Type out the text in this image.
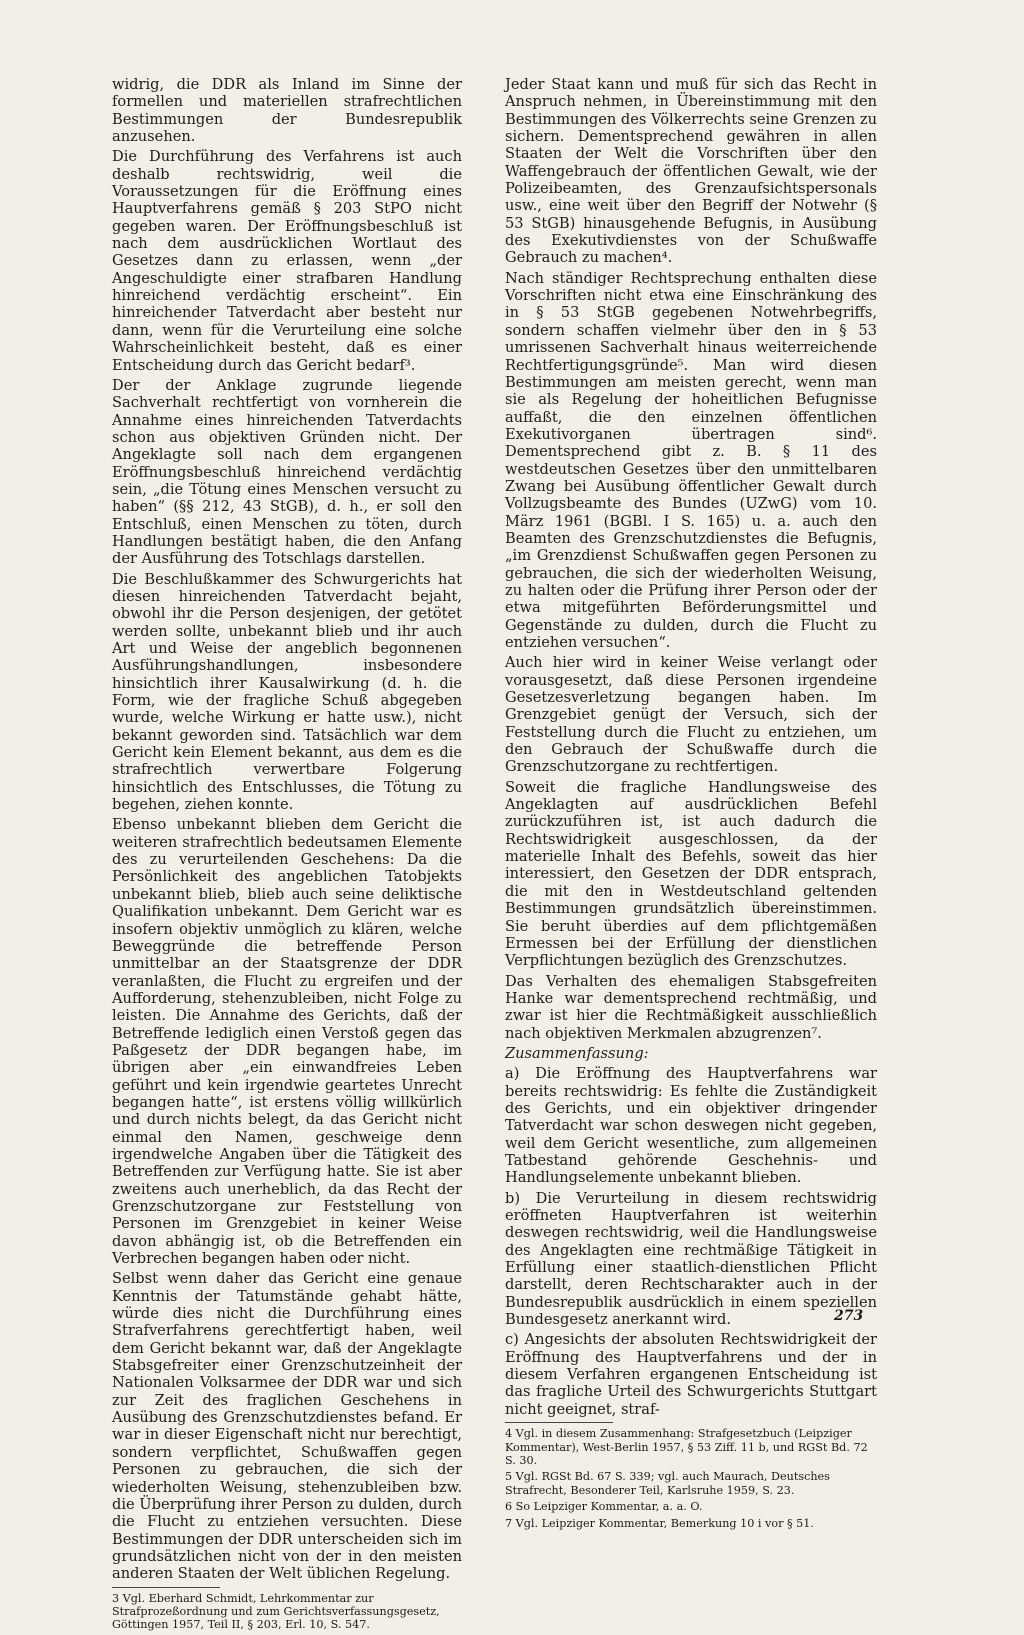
widrig, die DDR als Inland im Sinne der formellen und materiellen strafrechtlichen Bestimmungen der Bundesrepublik anzusehen.

Die Durchführung des Verfahrens ist auch deshalb rechtswidrig, weil die Voraussetzungen für die Eröffnung eines Hauptverfahrens gemäß § 203 StPO nicht gegeben waren. Der Eröffnungsbeschluß ist nach dem ausdrücklichen Wortlaut des Gesetzes dann zu erlassen, wenn „der Angeschuldigte einer strafbaren Handlung hinreichend verdächtig erscheint“. Ein hinreichender Tatverdacht aber besteht nur dann, wenn für die Verurteilung eine solche Wahrscheinlichkeit besteht, daß es einer Entscheidung durch das Gericht bedarf³.

Der der Anklage zugrunde liegende Sachverhalt rechtfertigt von vornherein die Annahme eines hinreichenden Tatverdachts schon aus objektiven Gründen nicht. Der Angeklagte soll nach dem ergangenen Eröffnungsbeschluß hinreichend verdächtig sein, „die Tötung eines Menschen versucht zu haben“ (§§ 212, 43 StGB), d. h., er soll den Entschluß, einen Menschen zu töten, durch Handlungen bestätigt haben, die den Anfang der Ausführung des Totschlags darstellen.

Die Beschlußkammer des Schwurgerichts hat diesen hinreichenden Tatverdacht bejaht, obwohl ihr die Person desjenigen, der getötet werden sollte, unbekannt blieb und ihr auch Art und Weise der angeblich begonnenen Ausführungshandlungen, insbesondere hinsichtlich ihrer Kausalwirkung (d. h. die Form, wie der fragliche Schuß abgegeben wurde, welche Wirkung er hatte usw.), nicht bekannt geworden sind. Tatsächlich war dem Gericht kein Element bekannt, aus dem es die strafrechtlich verwertbare Folgerung hinsichtlich des Entschlusses, die Tötung zu begehen, ziehen konnte.

Ebenso unbekannt blieben dem Gericht die weiteren strafrechtlich bedeutsamen Elemente des zu verurteilenden Geschehens: Da die Persönlichkeit des angeblichen Tatobjekts unbekannt blieb, blieb auch seine deliktische Qualifikation unbekannt. Dem Gericht war es insofern objektiv unmöglich zu klären, welche Beweggründe die betreffende Person unmittelbar an der Staatsgrenze der DDR veranlaßten, die Flucht zu ergreifen und der Aufforderung, stehenzubleiben, nicht Folge zu leisten. Die Annahme des Gerichts, daß der Betreffende lediglich einen Verstoß gegen das Paßgesetz der DDR begangen habe, im übrigen aber „ein einwandfreies Leben geführt und kein irgendwie geartetes Unrecht begangen hatte“, ist erstens völlig willkürlich und durch nichts belegt, da das Gericht nicht einmal den Namen, geschweige denn irgendwelche Angaben über die Tätigkeit des Betreffenden zur Verfügung hatte. Sie ist aber zweitens auch unerheblich, da das Recht der Grenzschutzorgane zur Feststellung von Personen im Grenzgebiet in keiner Weise davon abhängig ist, ob die Betreffenden ein Verbrechen begangen haben oder nicht.

Selbst wenn daher das Gericht eine genaue Kenntnis der Tatumstände gehabt hätte, würde dies nicht die Durchführung eines Strafverfahrens gerechtfertigt haben, weil dem Gericht bekannt war, daß der Angeklagte Stabsgefreiter einer Grenzschutzeinheit der Nationalen Volksarmee der DDR war und sich zur Zeit des fraglichen Geschehens in Ausübung des Grenzschutzdienstes befand. Er war in dieser Eigenschaft nicht nur berechtigt, sondern verpflichtet, Schußwaffen gegen Personen zu gebrauchen, die sich der wiederholten Weisung, stehenzubleiben bzw. die Überprüfung ihrer Person zu dulden, durch die Flucht zu entziehen versuchten. Diese Bestimmungen der DDR unterscheiden sich im grundsätzlichen nicht von der in den meisten anderen Staaten der Welt üblichen Regelung.

3 Vgl. Eberhard Schmidt, Lehrkommentar zur Strafprozeßordnung und zum Gerichtsverfassungsgesetz, Göttingen 1957, Teil II, § 203, Erl. 10, S. 547.

Jeder Staat kann und muß für sich das Recht in Anspruch nehmen, in Übereinstimmung mit den Bestimmungen des Völkerrechts seine Grenzen zu sichern. Dementsprechend gewähren in allen Staaten der Welt die Vorschriften über den Waffengebrauch der öffentlichen Gewalt, wie der Polizeibeamten, des Grenzaufsichtspersonals usw., eine weit über den Begriff der Notwehr (§ 53 StGB) hinausgehende Befugnis, in Ausübung des Exekutivdienstes von der Schußwaffe Gebrauch zu machen⁴.

Nach ständiger Rechtsprechung enthalten diese Vorschriften nicht etwa eine Einschränkung des in § 53 StGB gegebenen Notwehrbegriffs, sondern schaffen vielmehr über den in § 53 umrissenen Sachverhalt hinaus weiterreichende Rechtfertigungsgründe⁵. Man wird diesen Bestimmungen am meisten gerecht, wenn man sie als Regelung der hoheitlichen Befugnisse auffaßt, die den einzelnen öffentlichen Exekutivorganen übertragen sind⁶. Dementsprechend gibt z. B. § 11 des westdeutschen Gesetzes über den unmittelbaren Zwang bei Ausübung öffentlicher Gewalt durch Vollzugsbeamte des Bundes (UZwG) vom 10. März 1961 (BGBl. I S. 165) u. a. auch den Beamten des Grenzschutzdienstes die Befugnis, „im Grenzdienst Schußwaffen gegen Personen zu gebrauchen, die sich der wiederholten Weisung, zu halten oder die Prüfung ihrer Person oder der etwa mitgeführten Beförderungsmittel und Gegenstände zu dulden, durch die Flucht zu entziehen versuchen“.

Auch hier wird in keiner Weise verlangt oder vorausgesetzt, daß diese Personen irgendeine Gesetzesverletzung begangen haben. Im Grenzgebiet genügt der Versuch, sich der Feststellung durch die Flucht zu entziehen, um den Gebrauch der Schußwaffe durch die Grenzschutzorgane zu rechtfertigen.

Soweit die fragliche Handlungsweise des Angeklagten auf ausdrücklichen Befehl zurückzuführen ist, ist auch dadurch die Rechtswidrigkeit ausgeschlossen, da der materielle Inhalt des Befehls, soweit das hier interessiert, den Gesetzen der DDR entsprach, die mit den in Westdeutschland geltenden Bestimmungen grundsätzlich übereinstimmen. Sie beruht überdies auf dem pflichtgemäßen Ermessen bei der Erfüllung der dienstlichen Verpflichtungen bezüglich des Grenzschutzes.

Das Verhalten des ehemaligen Stabsgefreiten Hanke war dementsprechend rechtmäßig, und zwar ist hier die Rechtmäßigkeit ausschließlich nach objektiven Merkmalen abzugrenzen⁷.

Zusammenfassung:

a) Die Eröffnung des Hauptverfahrens war bereits rechtswidrig: Es fehlte die Zuständigkeit des Gerichts, und ein objektiver dringender Tatverdacht war schon deswegen nicht gegeben, weil dem Gericht wesentliche, zum allgemeinen Tatbestand gehörende Geschehnis- und Handlungselemente unbekannt blieben.

b) Die Verurteilung in diesem rechtswidrig eröffneten Hauptverfahren ist weiterhin deswegen rechtswidrig, weil die Handlungsweise des Angeklagten eine rechtmäßige Tätigkeit in Erfüllung einer staatlich-dienstlichen Pflicht darstellt, deren Rechtscharakter auch in der Bundesrepublik ausdrücklich in einem speziellen Bundesgesetz anerkannt wird.

c) Angesichts der absoluten Rechtswidrigkeit der Eröffnung des Hauptverfahrens und der in diesem Verfahren ergangenen Entscheidung ist das fragliche Urteil des Schwurgerichts Stuttgart nicht geeignet, straf-

4 Vgl. in diesem Zusammenhang: Strafgesetzbuch (Leipziger Kommentar), West-Berlin 1957, § 53 Ziff. 11 b, und RGSt Bd. 72 S. 30.

5 Vgl. RGSt Bd. 67 S. 339; vgl. auch Maurach, Deutsches Strafrecht, Besonderer Teil, Karlsruhe 1959, S. 23.

6 So Leipziger Kommentar, a. a. O.

7 Vgl. Leipziger Kommentar, Bemerkung 10 i vor § 51.

273
